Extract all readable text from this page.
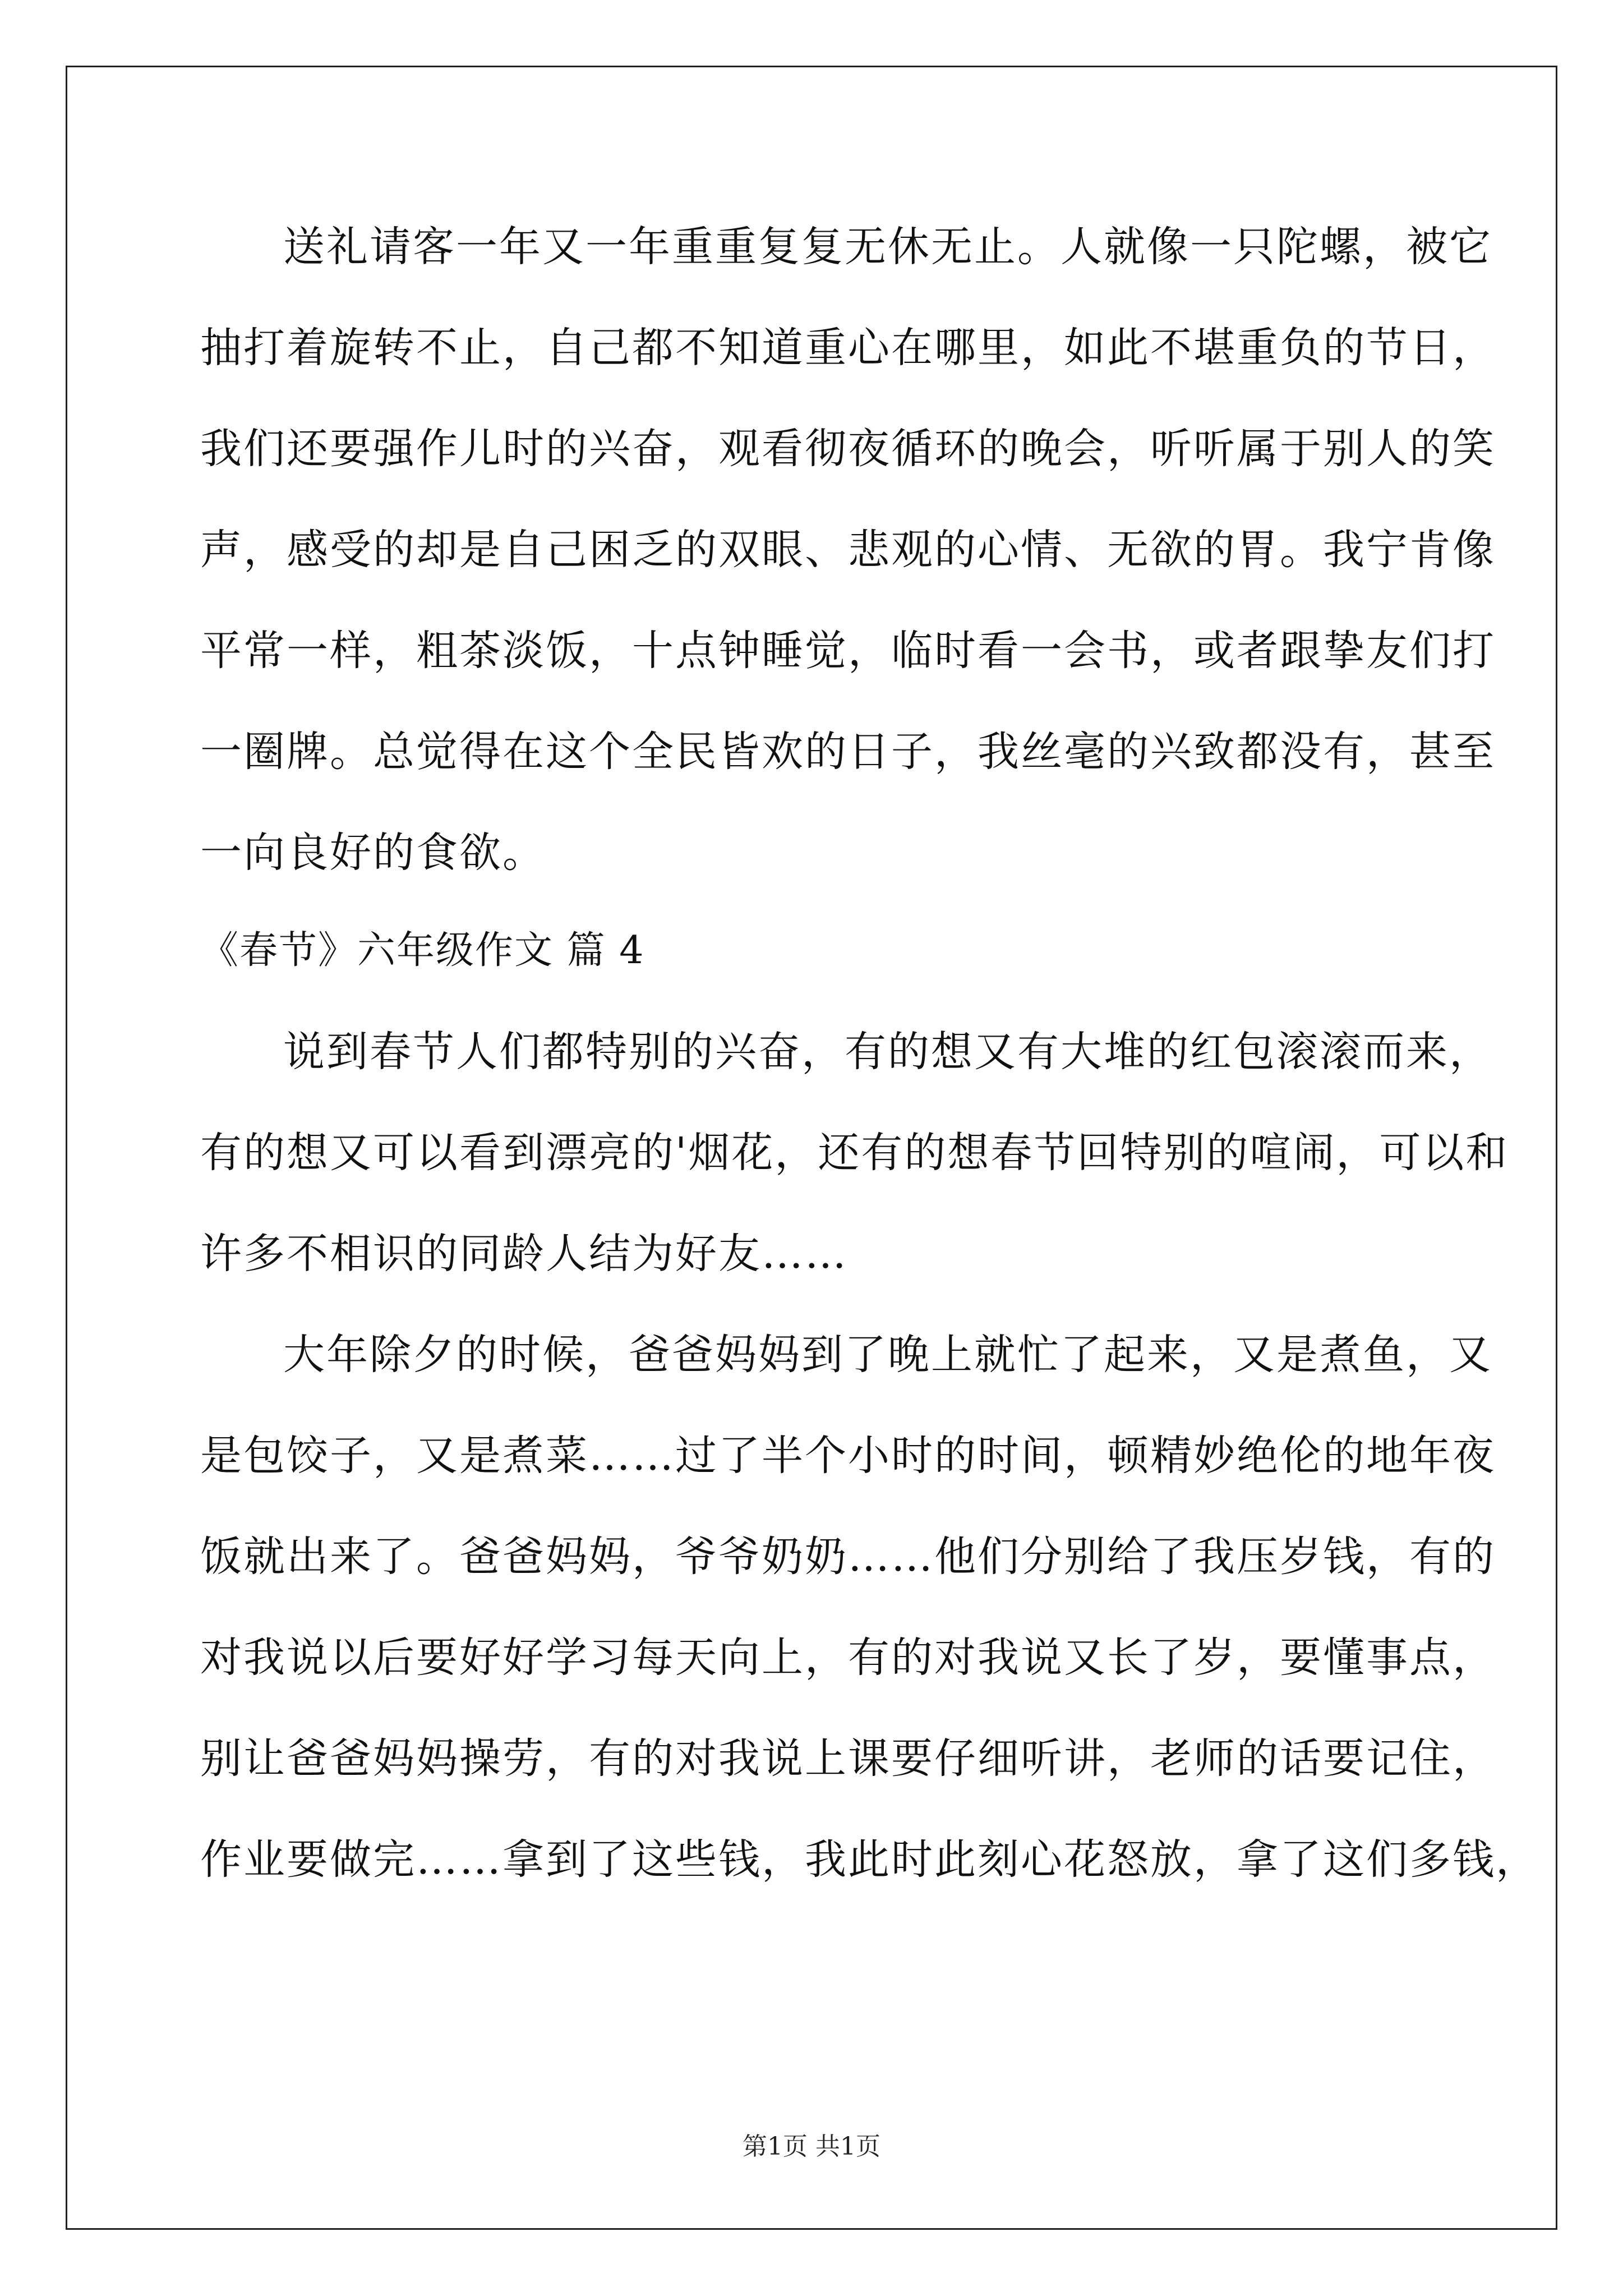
送礼请客一年又一年重重复复无休无止。人就像一只陀螺，被它
抽打着旋转不止，自己都不知道重心在哪里，如此不堪重负的节日，
我们还要强作儿时的兴奋，观看彻夜循环的晚会，听听属于别人的笑
声，感受的却是自己困乏的双眼、悲观的心情、无欲的胃。我宁肯像
平常一样，粗茶淡饭，十点钟睡觉，临时看一会书，或者跟挚友们打
一圈牌。总觉得在这个全民皆欢的日子，我丝毫的兴致都没有，甚至
一向良好的食欲。
《春节》六年级作文 篇 4
说到春节人们都特别的兴奋，有的想又有大堆的红包滚滚而来，
有的想又可以看到漂亮的'烟花，还有的想春节回特别的喧闹，可以和
许多不相识的同龄人结为好友……
大年除夕的时候，爸爸妈妈到了晚上就忙了起来，又是煮鱼，又
是包饺子，又是煮菜……过了半个小时的时间，顿精妙绝伦的地年夜
饭就出来了。爸爸妈妈，爷爷奶奶……他们分别给了我压岁钱，有的
对我说以后要好好学习每天向上，有的对我说又长了岁，要懂事点，
别让爸爸妈妈操劳，有的对我说上课要仔细听讲，老师的话要记住，
作业要做完……拿到了这些钱，我此时此刻心花怒放，拿了这们多钱，
第1页 共1页
